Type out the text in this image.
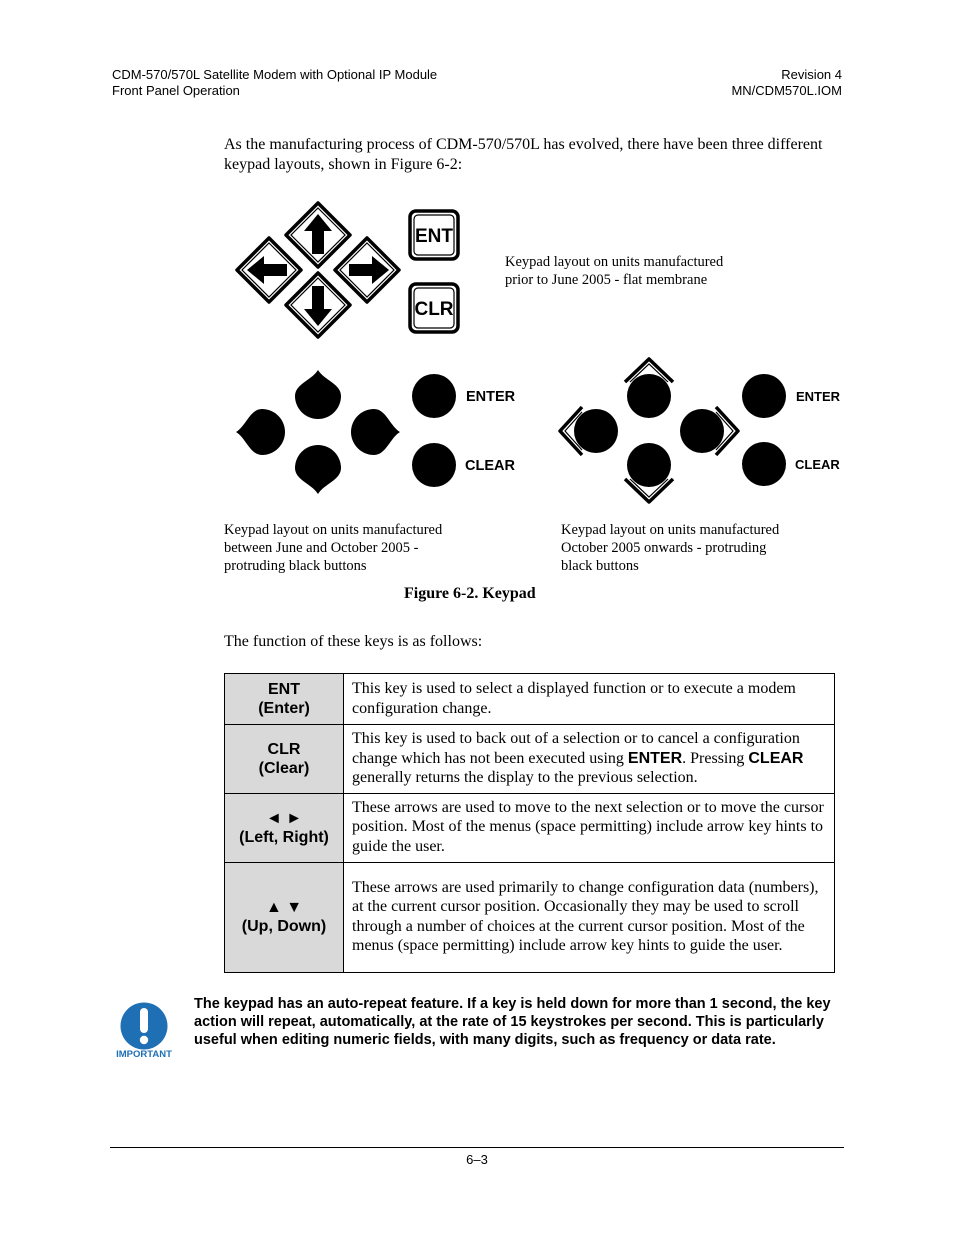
CDM-570/570L Satellite Modem with Optional IP Module
Front Panel Operation
Revision 4
MN/CDM570L.IOM
As the manufacturing process of CDM-570/570L has evolved, there have been three different keypad layouts, shown in Figure 6-2:
ENT
CLR
Keypad layout on units manufactured
prior to June 2005 - flat membrane
ENTER
CLEAR
Keypad layout on units manufactured
between June and October 2005 -
protruding black buttons
ENTER
CLEAR
Keypad layout on units manufactured
October 2005 onwards - protruding
black buttons
Figure 6-2. Keypad
The function of these keys is as follows:
ENT
(Enter)	This key is used to select a displayed function or to execute a modem configuration change.

CLR
(Clear)	This key is used to back out of a selection or to cancel a configuration change which has not been executed using ENTER. Pressing CLEAR generally returns the display to the previous selection.

◄ ►
(Left, Right)	These arrows are used to move to the next selection or to move the cursor position. Most of the menus (space permitting) include arrow key hints to guide the user.

▲ ▼
(Up, Down)	These arrows are used primarily to change configuration data (numbers), at the current cursor position. Occasionally they may be used to scroll through a number of choices at the current cursor position. Most of the menus (space permitting) include arrow key hints to guide the user.
IMPORTANT
The keypad has an auto-repeat feature. If a key is held down for more than 1 second, the key action will repeat, automatically, at the rate of 15 keystrokes per second. This is particularly useful when editing numeric fields, with many digits, such as frequency or data rate.
6–3
